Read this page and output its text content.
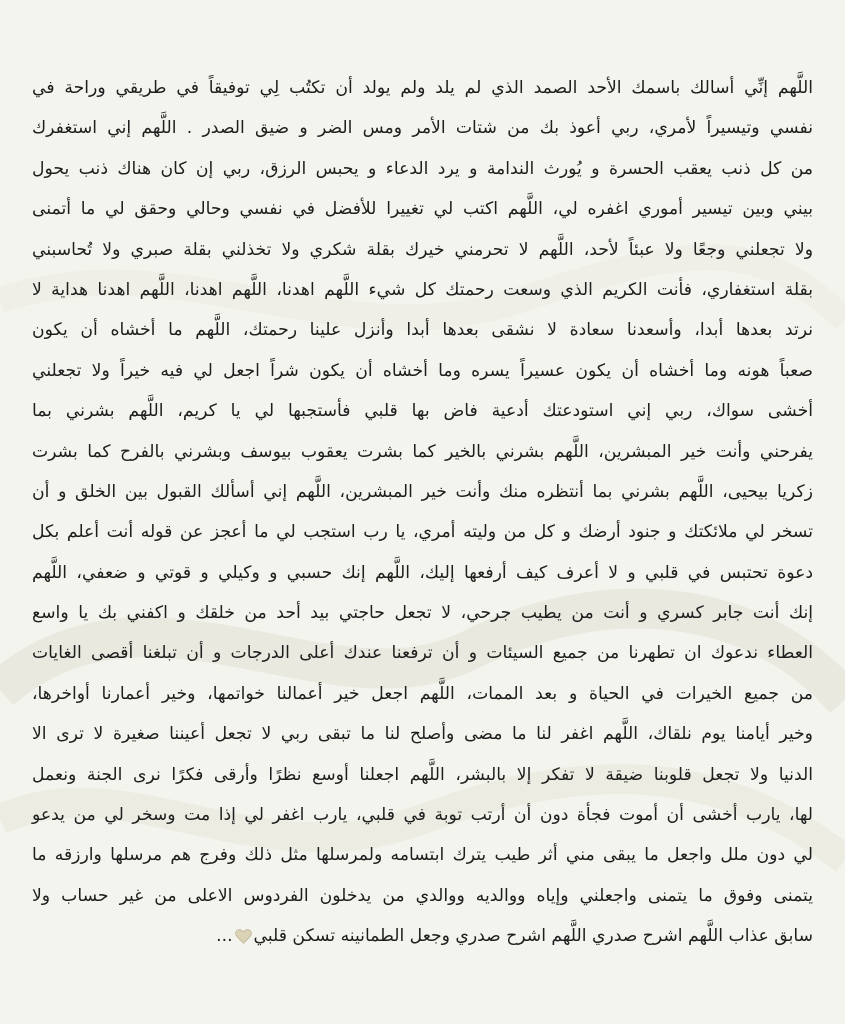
اللَّهم إنِّي أسالك باسمك الأحد الصمد الذي لم يلد ولم يولد أن تكتُب لِي توفيقاً في طريقي وراحة في
نفسي وتيسيراً لأمري، ربي أعوذ بك من شتات الأمر ومس الضر و ضيق الصدر . اللَّهم إني استغفرك
من كل ذنب يعقب الحسرة و يُورث الندامة و يرد الدعاء و يحبس الرزق، ربي إن كان هناك ذنب يحول
بيني وبين تيسير أموري اغفره لي، اللَّهم اكتب لي تغييرا للأفضل في نفسي وحالي وحقق لي ما أتمنى
ولا تجعلني وجعًا ولا عبئاً لأحد، اللَّهم لا تحرمني خيرك بقلة شكري ولا تخذلني بقلة صبري ولا تُحاسبني
بقلة استغفاري، فأنت الكريم الذي وسعت رحمتك كل شيء اللَّهم اهدنا، اللَّهم اهدنا، اللَّهم اهدنا هداية لا
نرتد بعدها أبدا، وأسعدنا سعادة لا نشقى بعدها أبدا وأنزل علينا رحمتك، اللَّهم ما أخشاه أن يكون
صعباً هونه وما أخشاه أن يكون عسيراً يسره وما أخشاه أن يكون شراً اجعل لي فيه خيراً ولا تجعلني
أخشى سواك، ربي إني استودعتك أدعية فاض بها قلبي فأستجبها لي يا كريم، اللَّهم بشرني بما
يفرحني وأنت خير المبشرين، اللَّهم بشرني بالخير كما بشرت يعقوب بيوسف وبشرني بالفرح كما بشرت
زكريا بيحيى، اللَّهم بشرني بما أنتظره منك وأنت خير المبشرين، اللَّهم إني أسألك القبول بين الخلق و أن
تسخر لي ملائكتك و جنود أرضك و كل من وليته أمري، يا رب استجب لي ما أعجز عن قوله أنت أعلم بكل
دعوة تحتبس في قلبي و لا أعرف كيف أرفعها إليك، اللَّهم إنك حسبي و وكيلي و قوتي و ضعفي، اللَّهم
إنك أنت جابر كسري و أنت من يطيب جرحي، لا تجعل حاجتي بيد أحد من خلقك و اكفني بك يا واسع
العطاء ندعوك ان تطهرنا من جميع السيئات و أن ترفعنا عندك أعلى الدرجات و أن تبلغنا أقصى الغايات
من جميع الخيرات في الحياة و بعد الممات، اللَّهم اجعل خير أعمالنا خواتمها، وخير أعمارنا أواخرها،
وخير أيامنا يوم نلقاك، اللَّهم اغفر لنا ما مضى وأصلح لنا ما تبقى ربي لا تجعل أعيننا صغيرة لا ترى الا
الدنيا ولا تجعل قلوبنا ضيقة لا تفكر إلا بالبشر، اللَّهم اجعلنا أوسع نظرًا وأرقى فكرًا نرى الجنة ونعمل
لها، يارب أخشى أن أموت فجأة دون أن أرتب توبة في قلبي، يارب اغفر لي إذا مت وسخر لي من يدعو
لي دون ملل واجعل ما يبقى مني أثر طيب يترك ابتسامه ولمرسلها مثل ذلك وفرج هم مرسلها وارزقه ما
يتمنى وفوق ما يتمنى واجعلني وإياه ووالديه ووالدي من يدخلون الفردوس الاعلى من غير حساب ولا
سابق عذاب اللَّهم اشرح صدري اللَّهم اشرح صدري وجعل الطمانينه تسكن قلبي...
